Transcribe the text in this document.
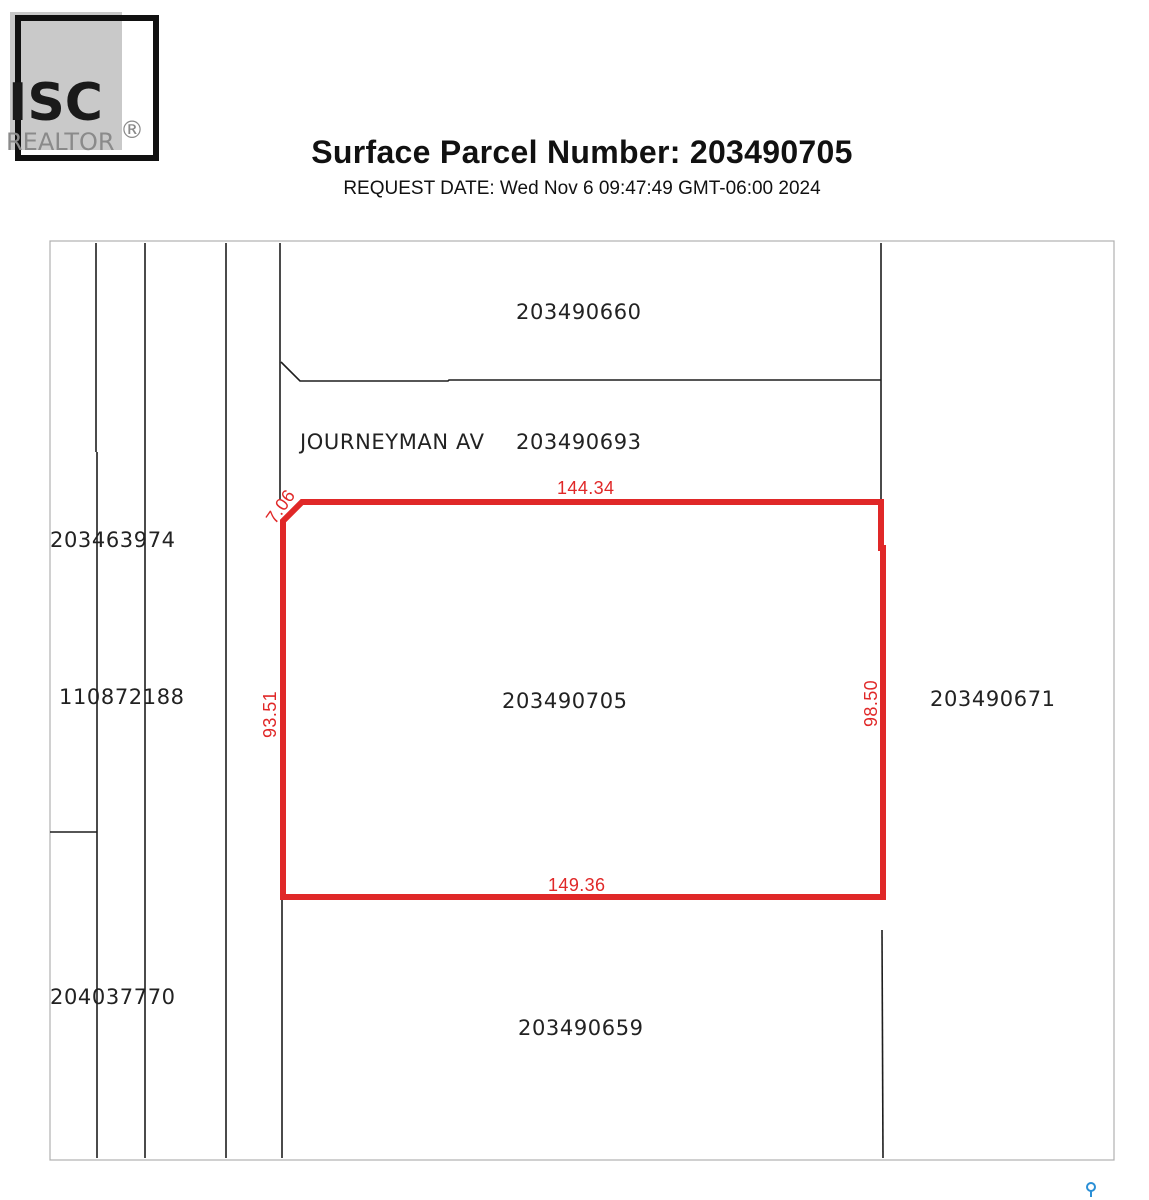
ISC
REALTOR ®
Surface Parcel Number: 203490705
REQUEST DATE: Wed Nov 6 09:47:49 GMT-06:00 2024
203490660
JOURNEYMAN AV 203490693
203463974
110872188	203490705	203490671
204037770
203490659
144.34
7.06
93.51	98.50
149.36
